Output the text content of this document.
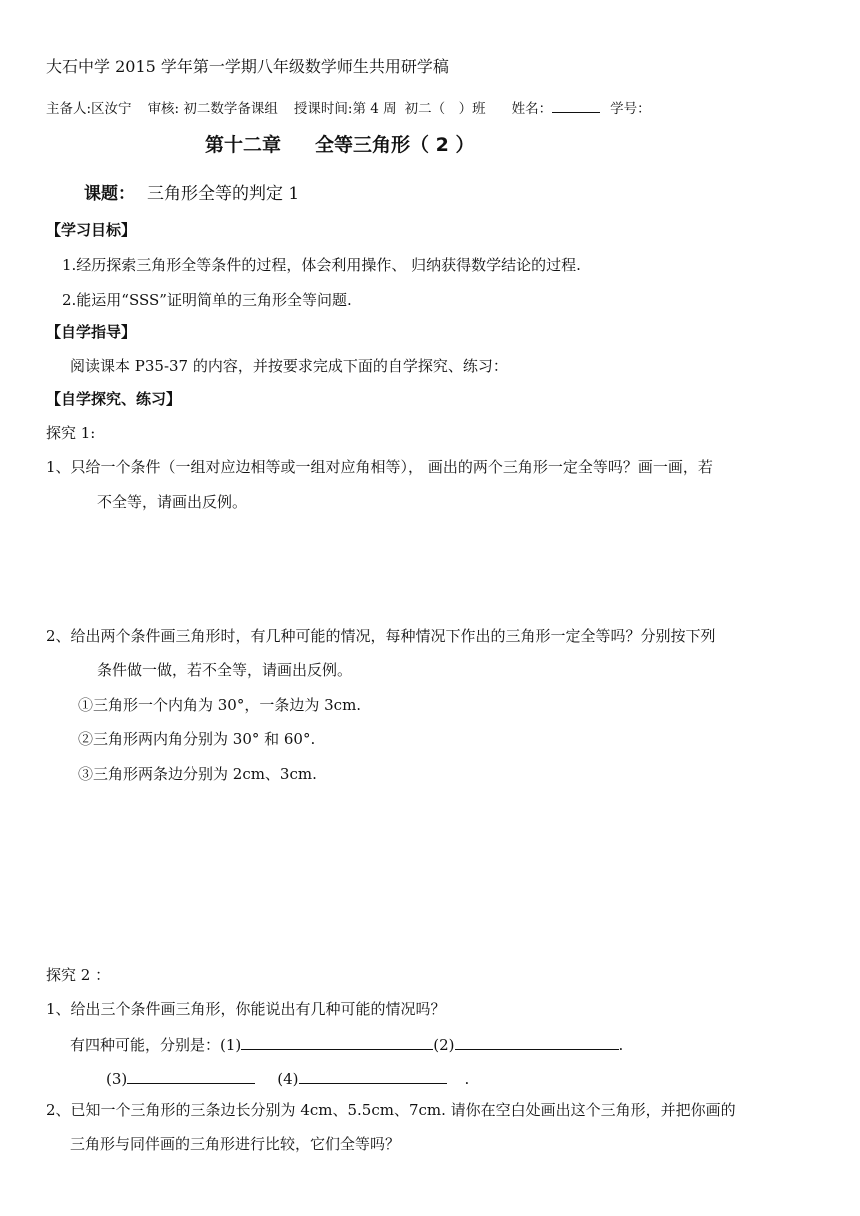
大石中学 2015 学年第一学期八年级数学师生共用研学稿
主备人:区汝宁 审核: 初二数学备课组 授课时间:第 4 周 初二（　）班 姓名：	学号：
第十二章 全等三角形（ 2 ）
课题： 三角形全等的判定 1
【学习目标】
1.经历探索三角形全等条件的过程，体会利用操作、 归纳获得数学结论的过程.
2.能运用“SSS”证明简单的三角形全等问题.
【自学指导】
阅读课本 P35-37 的内容，并按要求完成下面的自学探究、练习：
【自学探究、练习】
探究 1:
1、只给一个条件（一组对应边相等或一组对应角相等）， 画出的两个三角形一定全等吗？画一画，若
不全等，请画出反例。
2、给出两个条件画三角形时，有几种可能的情况，每种情况下作出的三角形一定全等吗？分别按下列
条件做一做，若不全等，请画出反例。
①三角形一个内角为 30°，一条边为 3cm.
②三角形两内角分别为 30° 和 60°.
③三角形两条边分别为 2cm、3cm.
探究 2 ：
1、给出三个条件画三角形，你能说出有几种可能的情况吗？
有四种可能，分别是：(1)	(2)	.
(3)	(4)	.
2、已知一个三角形的三条边长分别为 4cm、5.5cm、7cm. 请你在空白处画出这个三角形，并把你画的
三角形与同伴画的三角形进行比较，它们全等吗？
